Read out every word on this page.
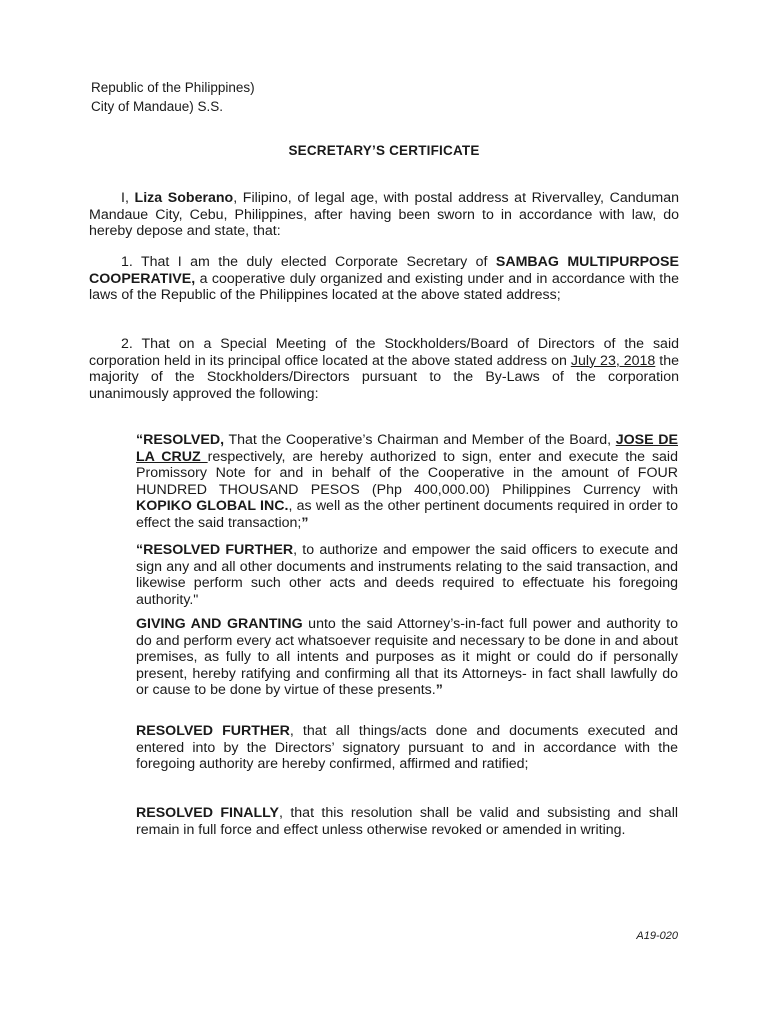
Republic of the Philippines)
City of Mandaue) S.S.
SECRETARY’S CERTIFICATE

I, Liza Soberano, Filipino, of legal age, with postal address at Rivervalley, Canduman Mandaue City, Cebu, Philippines, after having been sworn to in accordance with law, do hereby depose and state, that:

1. That I am the duly elected Corporate Secretary of SAMBAG MULTIPURPOSE COOPERATIVE, a cooperative duly organized and existing under and in accordance with the laws of the Republic of the Philippines located at the above stated address;

2. That on a Special Meeting of the Stockholders/Board of Directors of the said corporation held in its principal office located at the above stated address on July 23, 2018 the majority of the Stockholders/Directors pursuant to the By-Laws of the corporation unanimously approved the following:

“RESOLVED, That the Cooperative’s Chairman and Member of the Board, JOSE DE LA CRUZ respectively, are hereby authorized to sign, enter and execute the said Promissory Note for and in behalf of the Cooperative in the amount of FOUR HUNDRED THOUSAND PESOS (Php 400,000.00) Philippines Currency with KOPIKO GLOBAL INC., as well as the other pertinent documents required in order to effect the said transaction;”

“RESOLVED FURTHER, to authorize and empower the said officers to execute and sign any and all other documents and instruments relating to the said transaction, and likewise perform such other acts and deeds required to effectuate his foregoing authority."

GIVING AND GRANTING unto the said Attorney’s-in-fact full power and authority to do and perform every act whatsoever requisite and necessary to be done in and about premises, as fully to all intents and purposes as it might or could do if personally present, hereby ratifying and confirming all that its Attorneys- in fact shall lawfully do or cause to be done by virtue of these presents.”

RESOLVED FURTHER, that all things/acts done and documents executed and entered into by the Directors’ signatory pursuant to and in accordance with the foregoing authority are hereby confirmed, affirmed and ratified;

RESOLVED FINALLY, that this resolution shall be valid and subsisting and shall remain in full force and effect unless otherwise revoked or amended in writing.

A19-020
